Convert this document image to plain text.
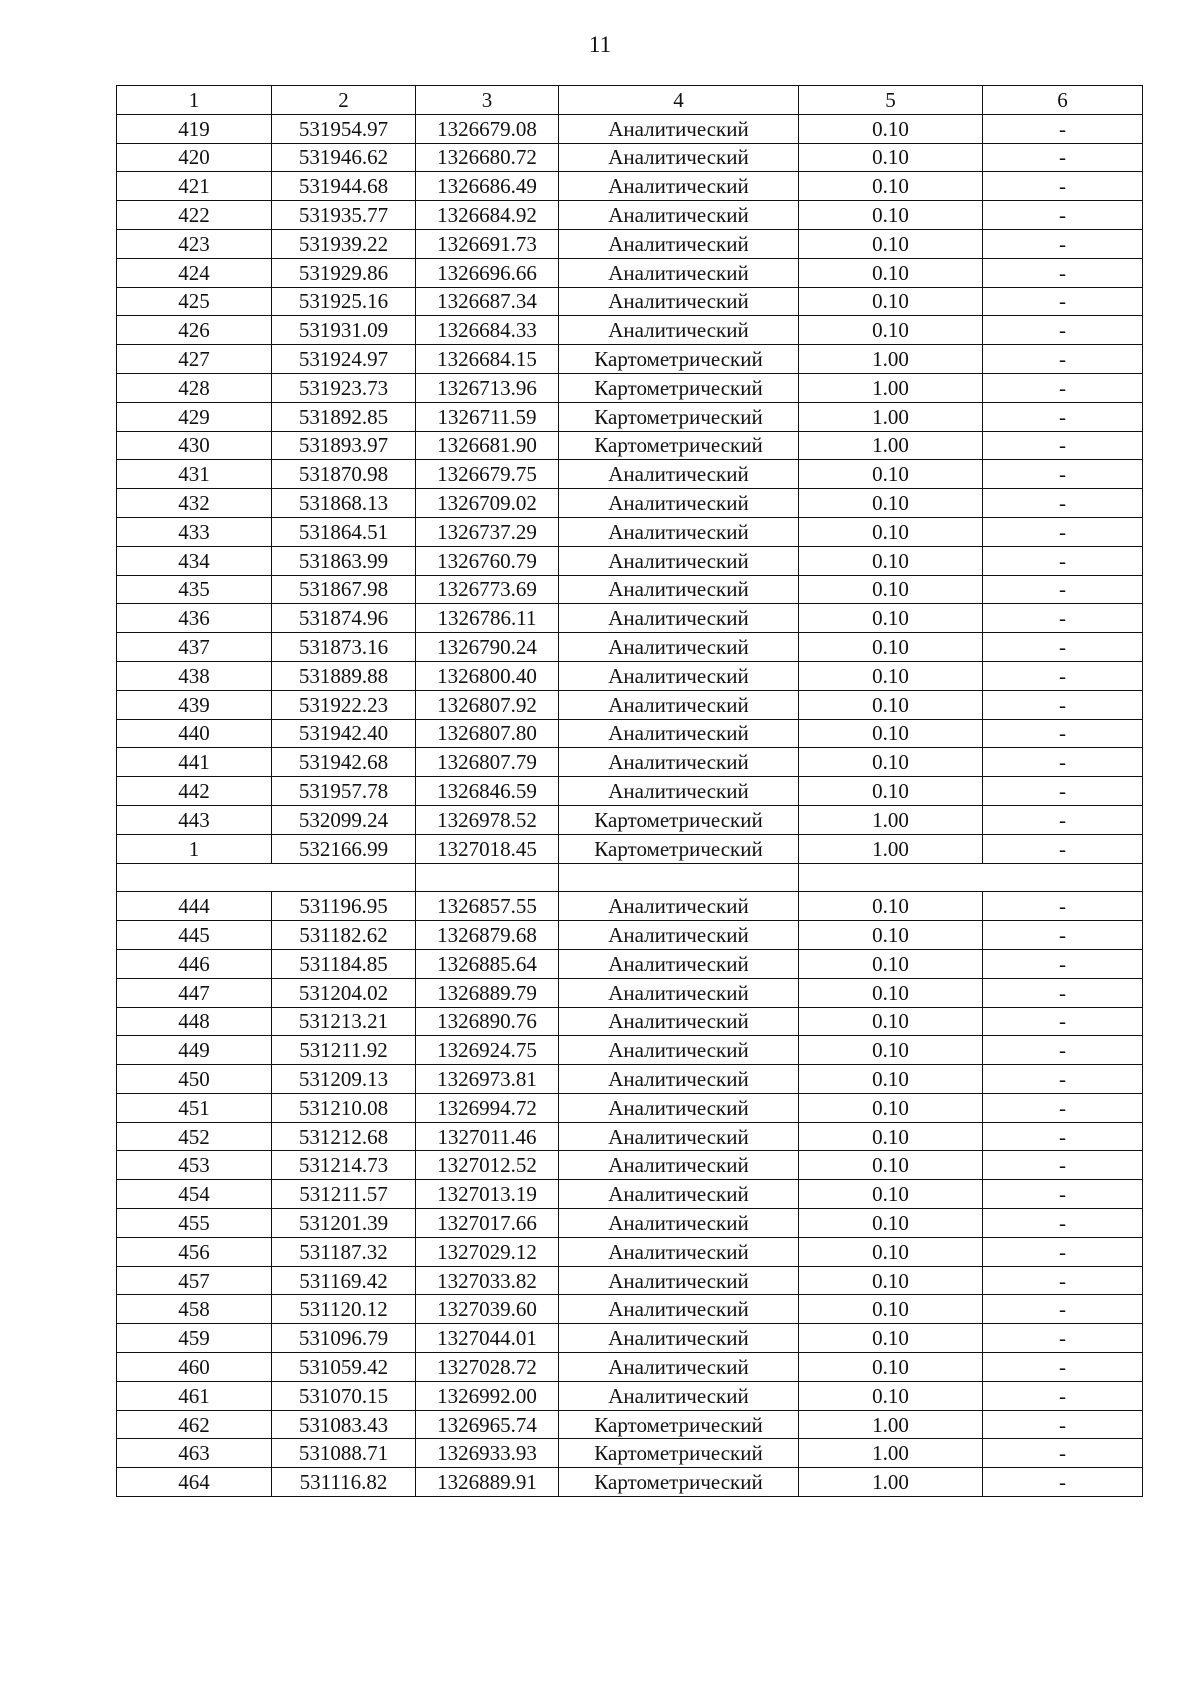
11
1	2	3	4	5	6
419	531954.97	1326679.08	Аналитический	0.10	-
420	531946.62	1326680.72	Аналитический	0.10	-
421	531944.68	1326686.49	Аналитический	0.10	-
422	531935.77	1326684.92	Аналитический	0.10	-
423	531939.22	1326691.73	Аналитический	0.10	-
424	531929.86	1326696.66	Аналитический	0.10	-
425	531925.16	1326687.34	Аналитический	0.10	-
426	531931.09	1326684.33	Аналитический	0.10	-
427	531924.97	1326684.15	Картометрический	1.00	-
428	531923.73	1326713.96	Картометрический	1.00	-
429	531892.85	1326711.59	Картометрический	1.00	-
430	531893.97	1326681.90	Картометрический	1.00	-
431	531870.98	1326679.75	Аналитический	0.10	-
432	531868.13	1326709.02	Аналитический	0.10	-
433	531864.51	1326737.29	Аналитический	0.10	-
434	531863.99	1326760.79	Аналитический	0.10	-
435	531867.98	1326773.69	Аналитический	0.10	-
436	531874.96	1326786.11	Аналитический	0.10	-
437	531873.16	1326790.24	Аналитический	0.10	-
438	531889.88	1326800.40	Аналитический	0.10	-
439	531922.23	1326807.92	Аналитический	0.10	-
440	531942.40	1326807.80	Аналитический	0.10	-
441	531942.68	1326807.79	Аналитический	0.10	-
442	531957.78	1326846.59	Аналитический	0.10	-
443	532099.24	1326978.52	Картометрический	1.00	-
1	532166.99	1327018.45	Картометрический	1.00	-

444	531196.95	1326857.55	Аналитический	0.10	-
445	531182.62	1326879.68	Аналитический	0.10	-
446	531184.85	1326885.64	Аналитический	0.10	-
447	531204.02	1326889.79	Аналитический	0.10	-
448	531213.21	1326890.76	Аналитический	0.10	-
449	531211.92	1326924.75	Аналитический	0.10	-
450	531209.13	1326973.81	Аналитический	0.10	-
451	531210.08	1326994.72	Аналитический	0.10	-
452	531212.68	1327011.46	Аналитический	0.10	-
453	531214.73	1327012.52	Аналитический	0.10	-
454	531211.57	1327013.19	Аналитический	0.10	-
455	531201.39	1327017.66	Аналитический	0.10	-
456	531187.32	1327029.12	Аналитический	0.10	-
457	531169.42	1327033.82	Аналитический	0.10	-
458	531120.12	1327039.60	Аналитический	0.10	-
459	531096.79	1327044.01	Аналитический	0.10	-
460	531059.42	1327028.72	Аналитический	0.10	-
461	531070.15	1326992.00	Аналитический	0.10	-
462	531083.43	1326965.74	Картометрический	1.00	-
463	531088.71	1326933.93	Картометрический	1.00	-
464	531116.82	1326889.91	Картометрический	1.00	-
